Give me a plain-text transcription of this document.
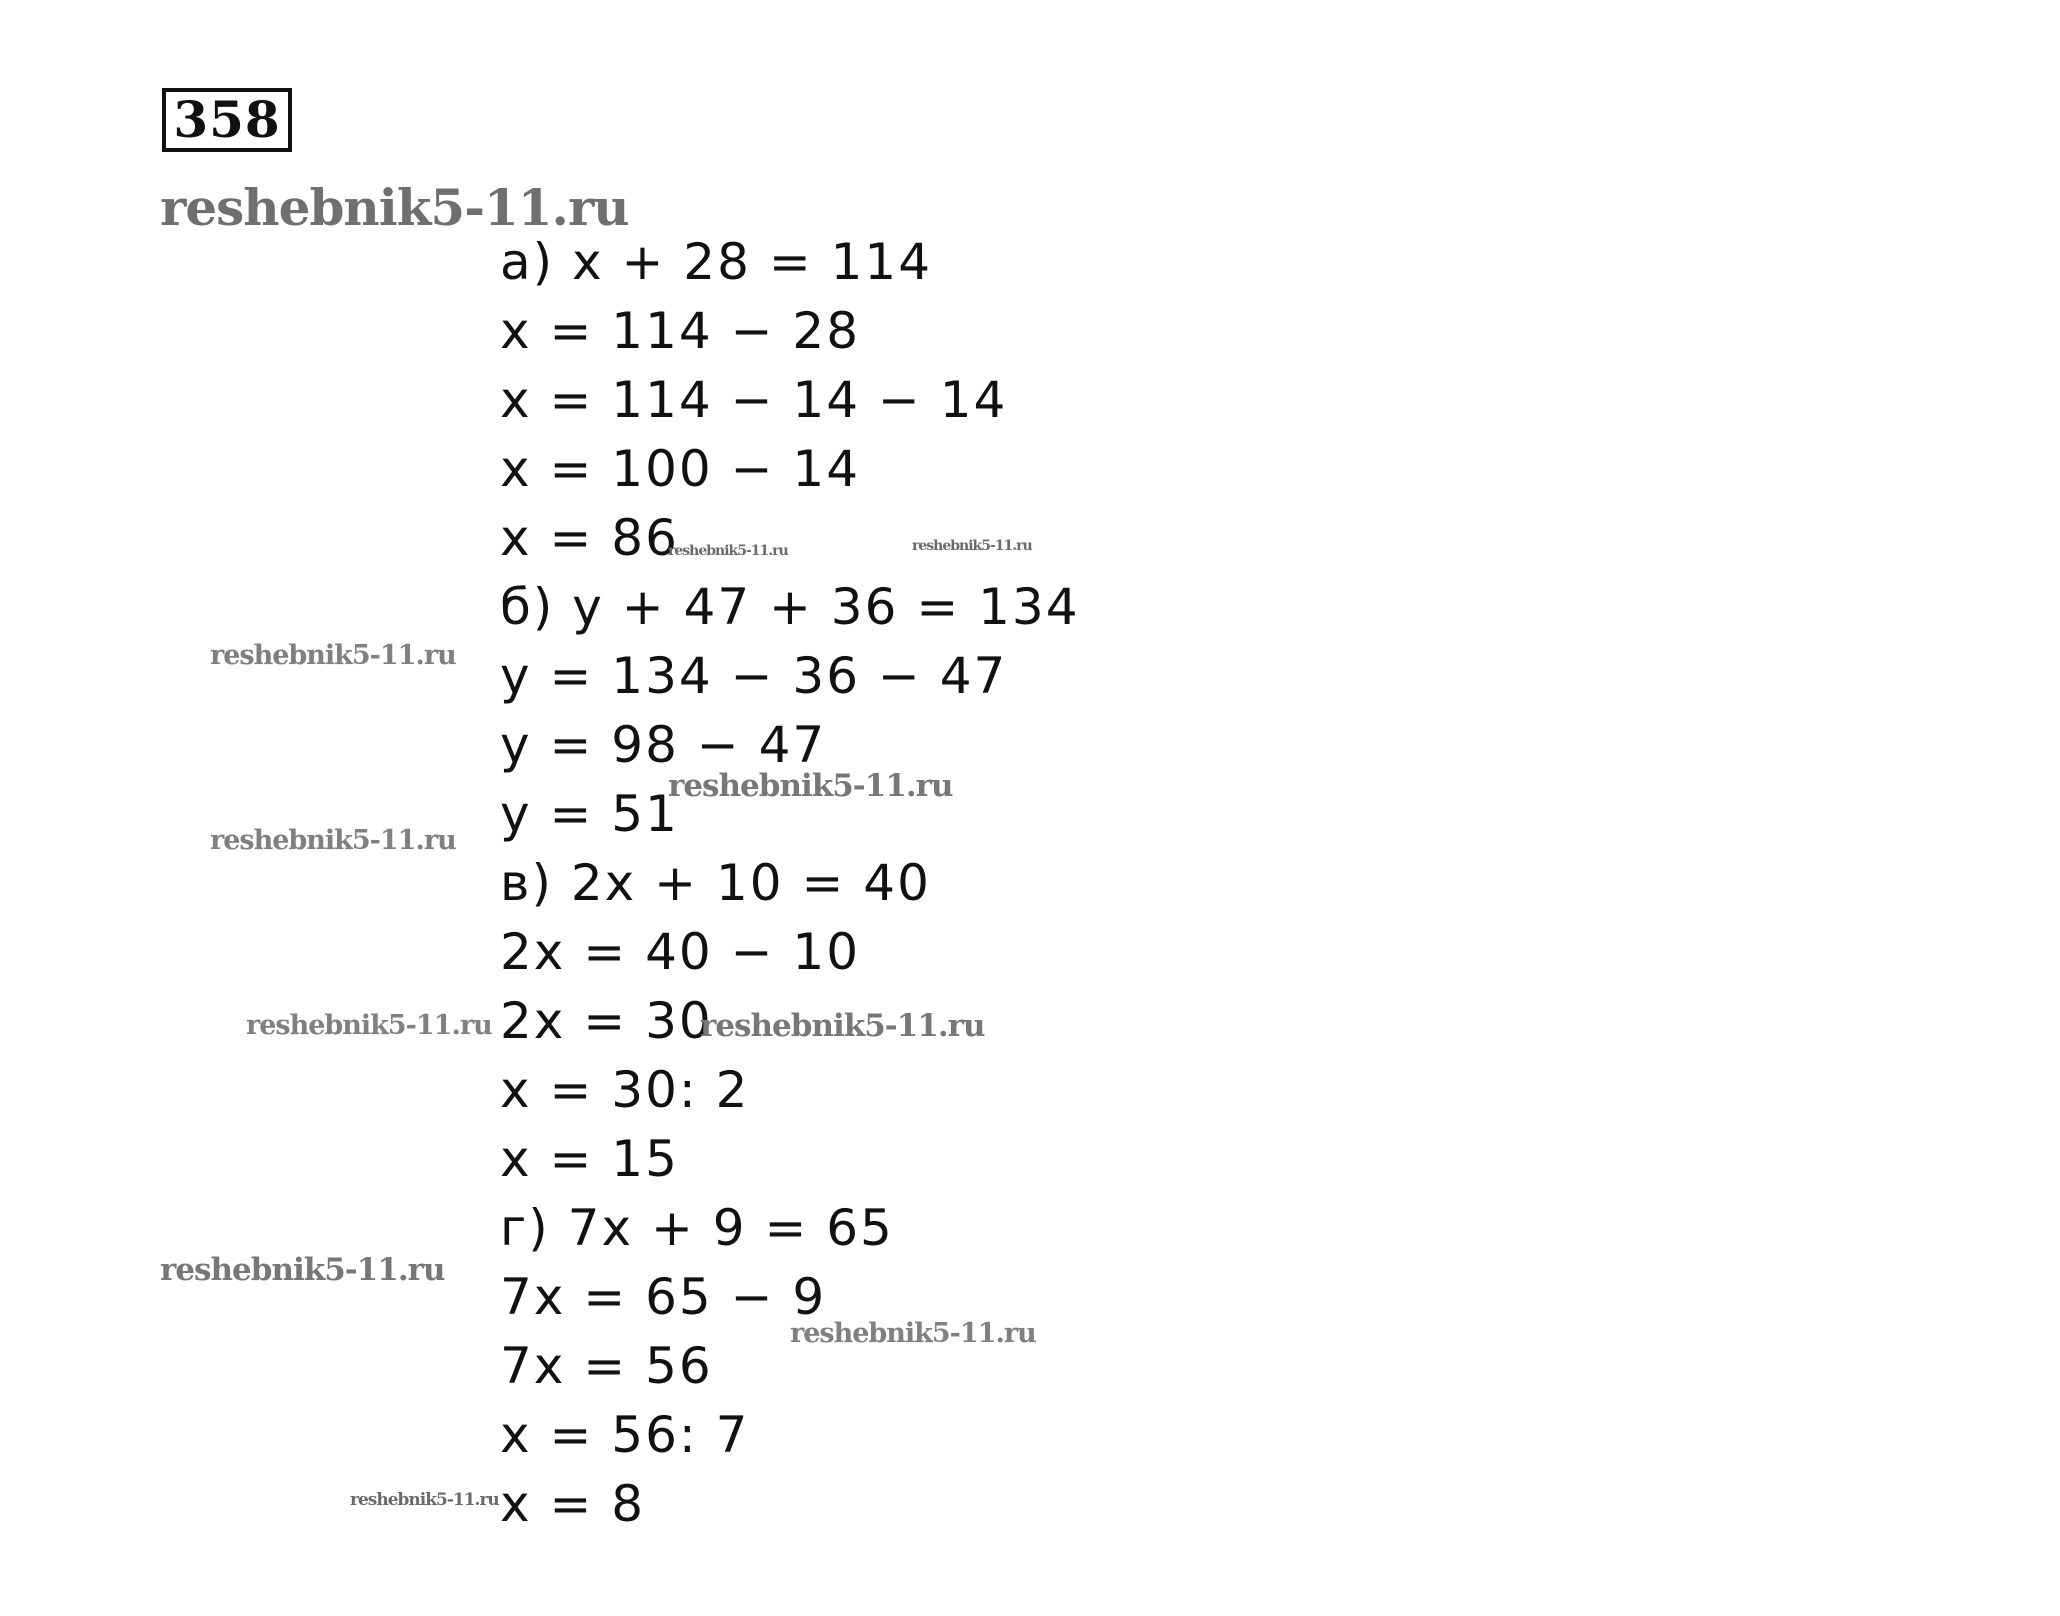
358
а) x + 28 = 114
x = 114 − 28
x = 114 − 14 − 14
x = 100 − 14
x = 86
б) y + 47 + 36 = 134
y = 134 − 36 − 47
y = 98 − 47
y = 51
в) 2x + 10 = 40
2x = 40 − 10
2x = 30
x = 30: 2
x = 15
г) 7x + 9 = 65
7x = 65 − 9
7x = 56
x = 56: 7
x = 8
reshebnik5-11.ru
reshebnik5-11.ru	reshebnik5-11.ru
reshebnik5-11.ru
reshebnik5-11.ru
reshebnik5-11.ru
reshebnik5-11.ru	reshebnik5-11.ru
reshebnik5-11.ru
reshebnik5-11.ru
reshebnik5-11.ru
